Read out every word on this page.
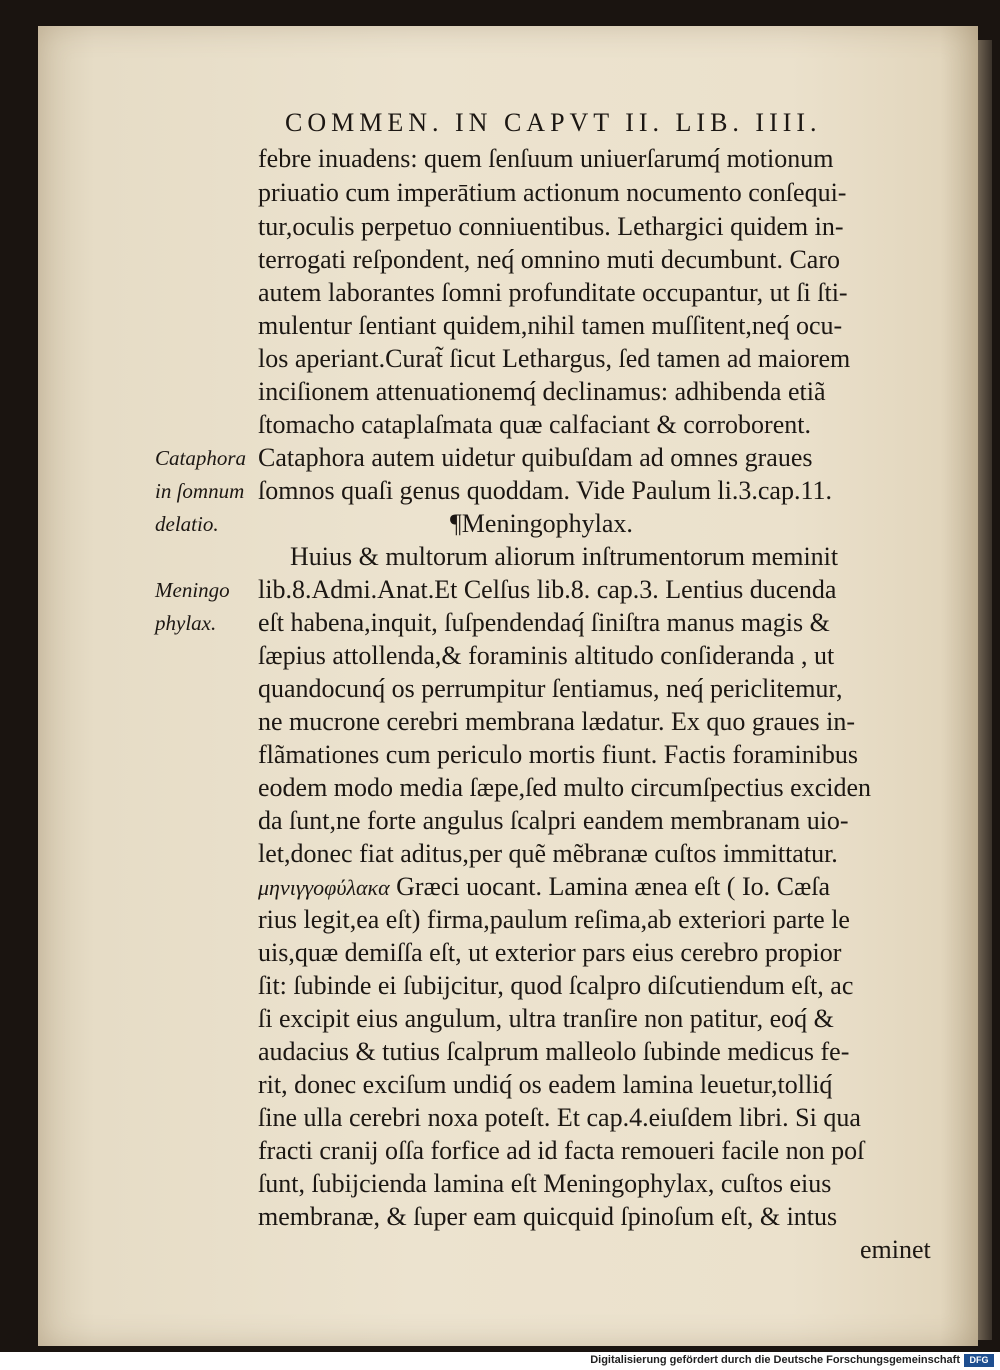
COMMEN. IN CAPVT II. LIB. IIII.
febre inuadens: quem ſenſuum uniuerſarumq́ motionum
priuatio cum imperātium actionum nocumento conſequi-
tur,oculis perpetuo conniuentibus. Lethargici quidem in-
terrogati reſpondent, neq́ omnino muti decumbunt. Caro
autem laborantes ſomni profunditate occupantur, ut ſi ſti-
mulentur ſentiant quidem,nihil tamen muſſitent,neq́ ocu-
los aperiant.Curat̃ ſicut Lethargus, ſed tamen ad maiorem
inciſionem attenuationemq́ declinamus: adhibenda etiã
ſtomacho cataplaſmata quæ calfaciant & corroborent.
Cataphora autem uidetur quibuſdam ad omnes graues
ſomnos quaſi genus quoddam. Vide Paulum li.3.cap.11.
¶Meningophylax.
Huius & multorum aliorum inſtrumentorum meminit
lib.8.Admi.Anat.Et Celſus lib.8. cap.3. Lentius ducenda
eſt habena,inquit, ſuſpendendaq́ ſiniſtra manus magis &
ſæpius attollenda,& foraminis altitudo conſideranda , ut
quandocunq́ os perrumpitur ſentiamus, neq́ periclitemur,
ne mucrone cerebri membrana lædatur. Ex quo graues in-
flãmationes cum periculo mortis fiunt. Factis foraminibus
eodem modo media ſæpe,ſed multo circumſpectius exciden
da ſunt,ne forte angulus ſcalpri eandem membranam uio-
let,donec fiat aditus,per quẽ mẽbranæ cuſtos immittatur.
μηνιγγοφύλακα Græci uocant. Lamina ænea eſt ( Io. Cæſa
rius legit,ea eſt) firma,paulum reſima,ab exteriori parte le
uis,quæ demiſſa eſt, ut exterior pars eius cerebro propior
ſit: ſubinde ei ſubijcitur, quod ſcalpro diſcutiendum eſt, ac
ſi excipit eius angulum, ultra tranſire non patitur, eoq́ &
audacius & tutius ſcalprum malleolo ſubinde medicus fe-
rit, donec exciſum undiq́ os eadem lamina leuetur,tolliq́
ſine ulla cerebri noxa poteſt. Et cap.4.eiuſdem libri. Si qua
fracti cranij oſſa forfice ad id facta remoueri facile non poſ
ſunt, ſubijcienda lamina eſt Meningophylax, cuſtos eius
membranæ, & ſuper eam quicquid ſpinoſum eſt, & intus
eminet
Cataphora
in ſomnum
delatio.
Meningo
phylax.
Digitalisierung gefördert durch die Deutsche Forschungsgemeinschaft	DFG
